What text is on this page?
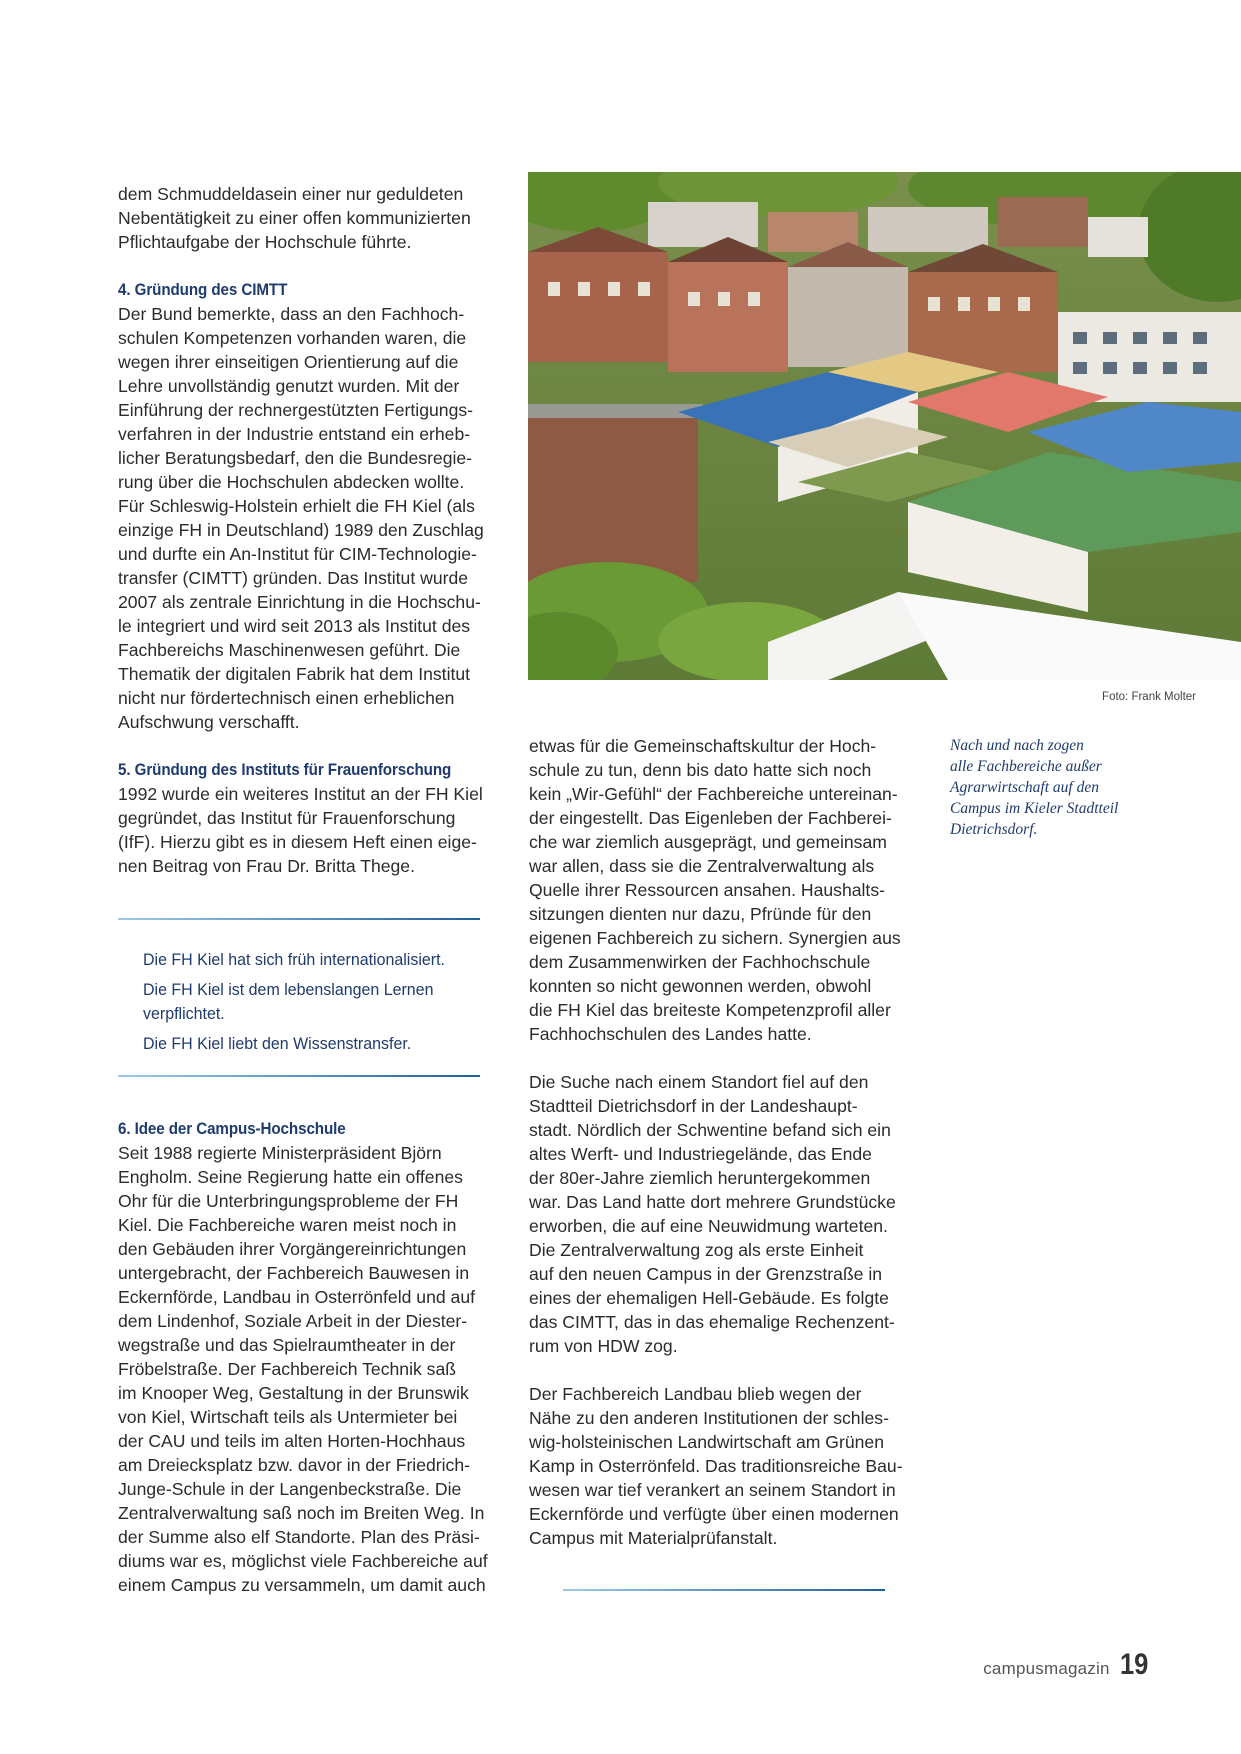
dem Schmuddeldasein einer nur geduldeten
Nebentätigkeit zu einer offen kommunizierten
Pflichtaufgabe der Hochschule führte.
4. Gründung des CIMTT
Der Bund bemerkte, dass an den Fachhoch-
schulen Kompetenzen vorhanden waren, die
wegen ihrer einseitigen Orientierung auf die
Lehre unvollständig genutzt wurden. Mit der
Einführung der rechnergestützten Fertigungs-
verfahren in der Industrie entstand ein erheb-
licher Beratungsbedarf, den die Bundesregie-
rung über die Hochschulen abdecken wollte.
Für Schleswig-Holstein erhielt die FH Kiel (als
einzige FH in Deutschland) 1989 den Zuschlag
und durfte ein An-Institut für CIM-Technologie-
transfer (CIMTT) gründen. Das Institut wurde
2007 als zentrale Einrichtung in die Hochschu-
le integriert und wird seit 2013 als Institut des
Fachbereichs Maschinenwesen geführt. Die
Thematik der digitalen Fabrik hat dem Institut
nicht nur fördertechnisch einen erheblichen
Aufschwung verschafft.
5. Gründung des Instituts für Frauenforschung
1992 wurde ein weiteres Institut an der FH Kiel
gegründet, das Institut für Frauenforschung
(IfF). Hierzu gibt es in diesem Heft einen eige-
nen Beitrag von Frau Dr. Britta Thege.
Die FH Kiel hat sich früh internationalisiert.
Die FH Kiel ist dem lebenslangen Lernen
verpflichtet.
Die FH Kiel liebt den Wissenstransfer.
6. Idee der Campus-Hochschule
Seit 1988 regierte Ministerpräsident Björn
Engholm. Seine Regierung hatte ein offenes
Ohr für die Unterbringungsprobleme der FH
Kiel. Die Fachbereiche waren meist noch in
den Gebäuden ihrer Vorgängereinrichtungen
untergebracht, der Fachbereich Bauwesen in
Eckernförde, Landbau in Osterrönfeld und auf
dem Lindenhof, Soziale Arbeit in der Diester-
wegstraße und das Spielraumtheater in der
Fröbelstraße. Der Fachbereich Technik saß
im Knooper Weg, Gestaltung in der Brunswik
von Kiel, Wirtschaft teils als Untermieter bei
der CAU und teils im alten Horten-Hochhaus
am Dreiecksplatz bzw. davor in der Friedrich-
Junge-Schule in der Langenbeckstraße. Die
Zentralverwaltung saß noch im Breiten Weg. In
der Summe also elf Standorte. Plan des Präsi-
diums war es, möglichst viele Fachbereiche auf
einem Campus zu versammeln, um damit auch
Foto: Frank Molter
etwas für die Gemeinschaftskultur der Hoch-
schule zu tun, denn bis dato hatte sich noch
kein „Wir-Gefühl“ der Fachbereiche untereinan-
der eingestellt. Das Eigenleben der Fachberei-
che war ziemlich ausgeprägt, und gemeinsam
war allen, dass sie die Zentralverwaltung als
Quelle ihrer Ressourcen ansahen. Haushalts-
sitzungen dienten nur dazu, Pfründe für den
eigenen Fachbereich zu sichern. Synergien aus
dem Zusammenwirken der Fachhochschule
konnten so nicht gewonnen werden, obwohl
die FH Kiel das breiteste Kompetenzprofil aller
Fachhochschulen des Landes hatte.
Die Suche nach einem Standort fiel auf den
Stadtteil Dietrichsdorf in der Landeshaupt-
stadt. Nördlich der Schwentine befand sich ein
altes Werft- und Industriegelände, das Ende
der 80er-Jahre ziemlich heruntergekommen
war. Das Land hatte dort mehrere Grundstücke
erworben, die auf eine Neuwidmung warteten.
Die Zentralverwaltung zog als erste Einheit
auf den neuen Campus in der Grenzstraße in
eines der ehemaligen Hell-Gebäude. Es folgte
das CIMTT, das in das ehemalige Rechenzent-
rum von HDW zog.
Der Fachbereich Landbau blieb wegen der
Nähe zu den anderen Institutionen der schles-
wig-holsteinischen Landwirtschaft am Grünen
Kamp in Osterrönfeld. Das traditionsreiche Bau-
wesen war tief verankert an seinem Standort in
Eckernförde und verfügte über einen modernen
Campus mit Materialprüfanstalt.
Nach und nach zogen
alle Fachbereiche außer
Agrarwirtschaft auf den
Campus im Kieler Stadtteil
Dietrichsdorf.
campusmagazin 19
